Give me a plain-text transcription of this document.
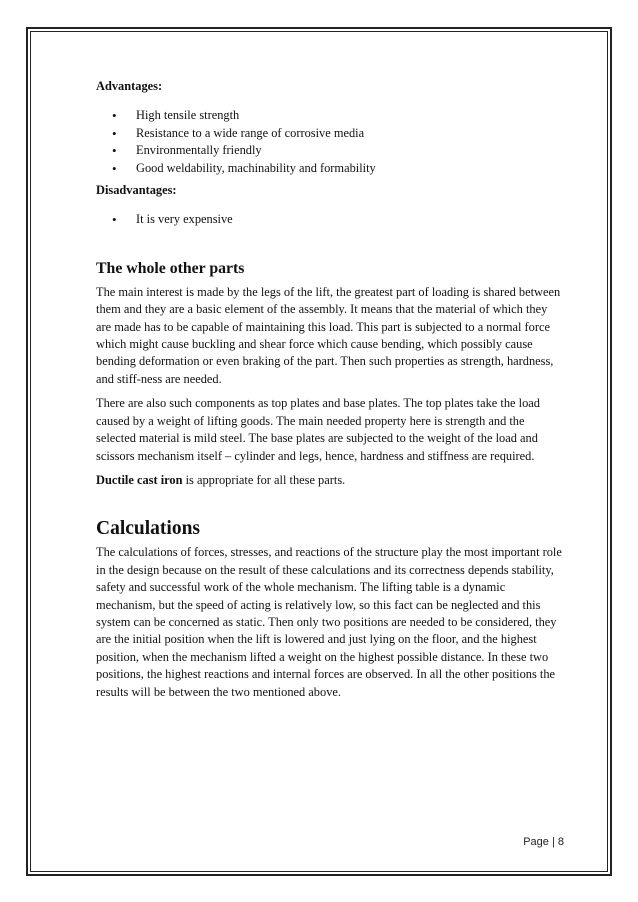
Advantages:

• High tensile strength
• Resistance to a wide range of corrosive media
• Environmentally friendly
• Good weldability, machinability and formability

Disadvantages:

• It is very expensive
The whole other parts

The main interest is made by the legs of the lift, the greatest part of loading is shared between them and they are a basic element of the assembly. It means that the material of which they are made has to be capable of maintaining this load. This part is subjected to a normal force which might cause buckling and shear force which cause bending, which possibly cause bending deformation or even braking of the part. Then such properties as strength, hardness, and stiff-ness are needed.

There are also such components as top plates and base plates. The top plates take the load caused by a weight of lifting goods. The main needed property here is strength and the selected material is mild steel. The base plates are subjected to the weight of the load and scissors mechanism itself – cylinder and legs, hence, hardness and stiffness are required.

Ductile cast iron is appropriate for all these parts.

Calculations

The calculations of forces, stresses, and reactions of the structure play the most important role in the design because on the result of these calculations and its correctness depends stability, safety and successful work of the whole mechanism. The lifting table is a dynamic mechanism, but the speed of acting is relatively low, so this fact can be neglected and this system can be concerned as static. Then only two positions are needed to be considered, they are the initial position when the lift is lowered and just lying on the floor, and the highest position, when the mechanism lifted a weight on the highest possible distance. In these two positions, the highest reactions and internal forces are observed. In all the other positions the results will be between the two mentioned above.

Page | 8
